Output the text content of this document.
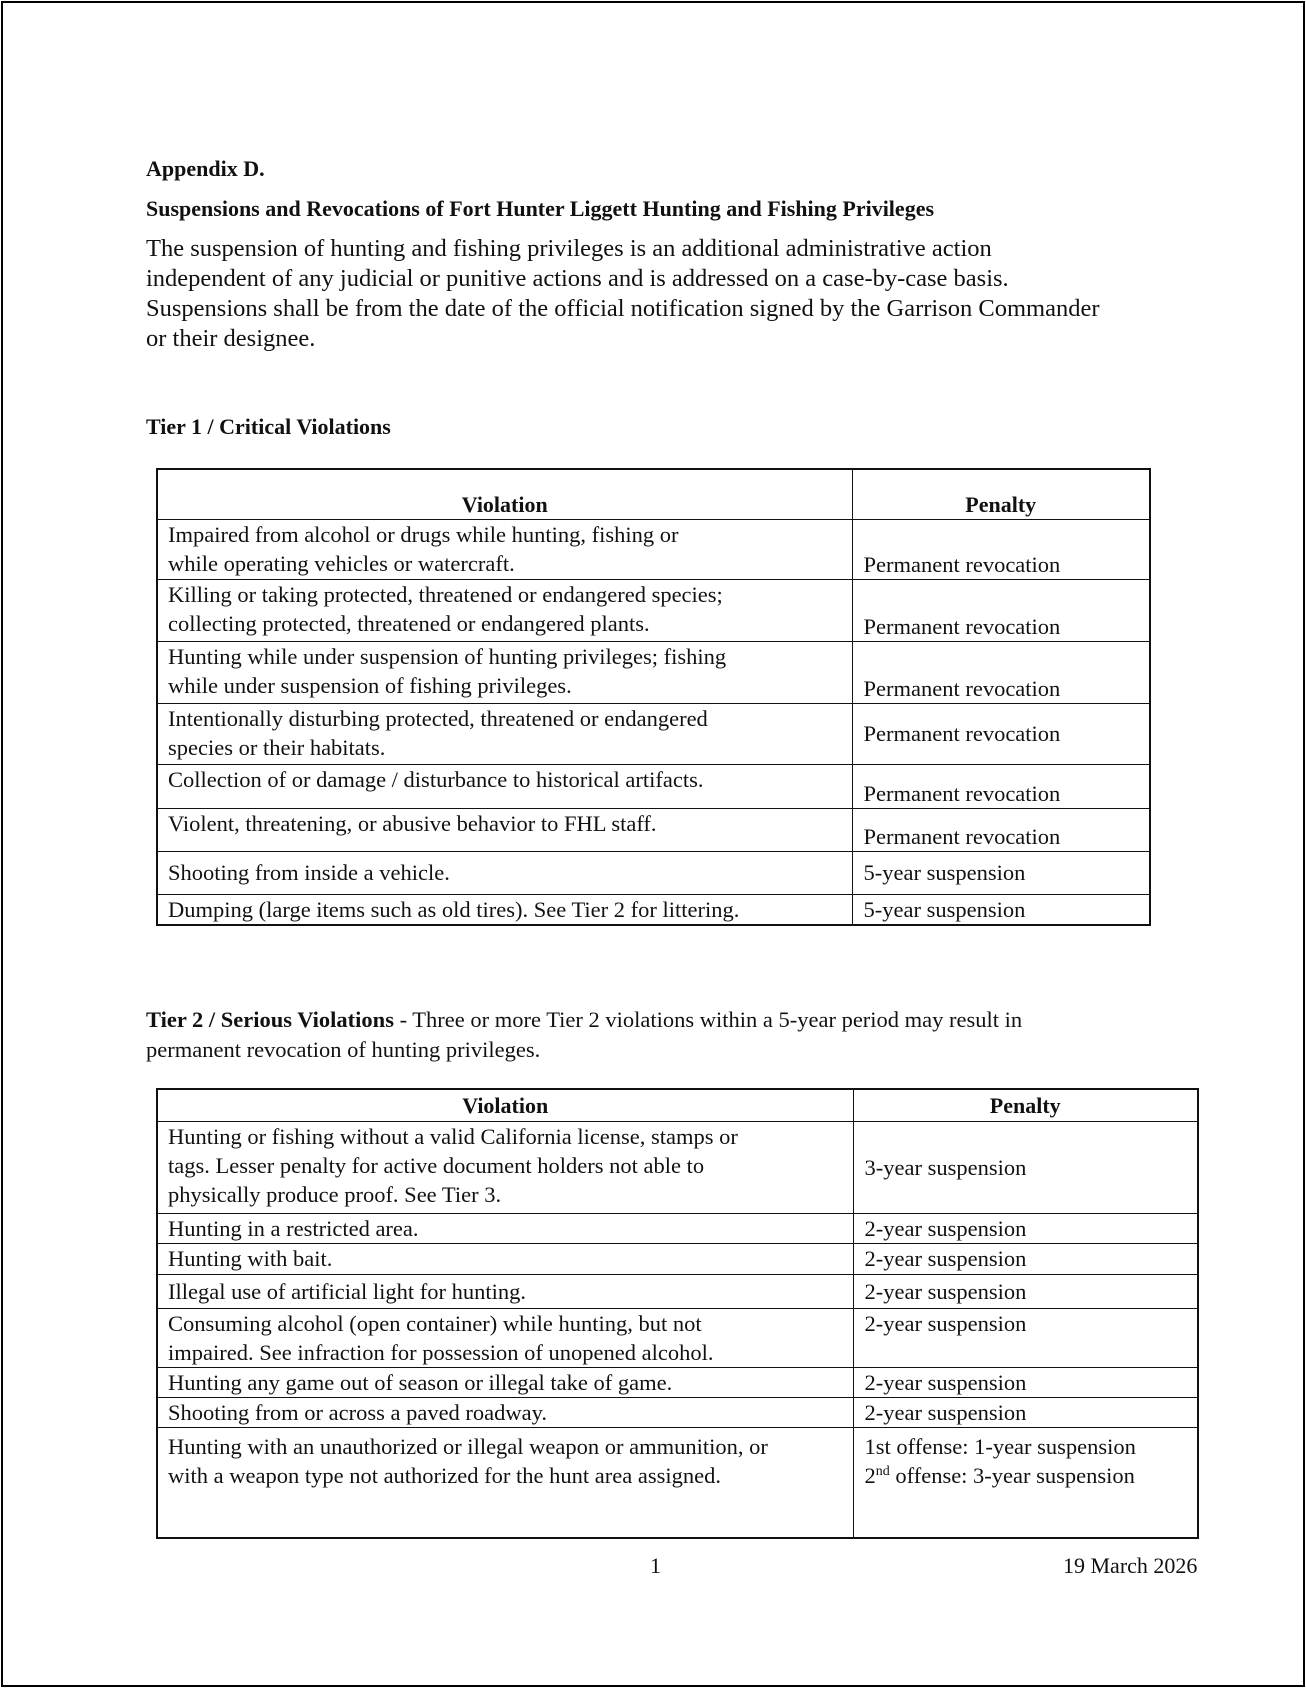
Appendix D.
Suspensions and Revocations of Fort Hunter Liggett Hunting and Fishing Privileges
The suspension of hunting and fishing privileges is an additional administrative action
independent of any judicial or punitive actions and is addressed on a case-by-case basis.
Suspensions shall be from the date of the official notification signed by the Garrison Commander
or their designee.
Tier 1 / Critical Violations
Violation	Penalty

Impaired from alcohol or drugs while hunting, fishing or
while operating vehicles or watercraft.	Permanent revocation

Killing or taking protected, threatened or endangered species;
collecting protected, threatened or endangered plants.	Permanent revocation

Hunting while under suspension of hunting privileges; fishing
while under suspension of fishing privileges.	Permanent revocation

Intentionally disturbing protected, threatened or endangered
species or their habitats.	Permanent revocation

Collection of or damage / disturbance to historical artifacts.	Permanent revocation

Violent, threatening, or abusive behavior to FHL staff.	Permanent revocation

Shooting from inside a vehicle.	5-year suspension

Dumping (large items such as old tires). See Tier 2 for littering.	5-year suspension
Tier 2 / Serious Violations - Three or more Tier 2 violations within a 5-year period may result in
permanent revocation of hunting privileges.
Violation	Penalty

Hunting or fishing without a valid California license, stamps or
tags. Lesser penalty for active document holders not able to
physically produce proof. See Tier 3.	3-year suspension

Hunting in a restricted area.	2-year suspension

Hunting with bait.	2-year suspension

Illegal use of artificial light for hunting.	2-year suspension

Consuming alcohol (open container) while hunting, but not
impaired. See infraction for possession of unopened alcohol.	2-year suspension

Hunting any game out of season or illegal take of game.	2-year suspension

Shooting from or across a paved roadway.	2-year suspension

Hunting with an unauthorized or illegal weapon or ammunition, or
with a weapon type not authorized for the hunt area assigned.	1st offense: 1-year suspension
2nd offense: 3-year suspension
1	19 March 2026
